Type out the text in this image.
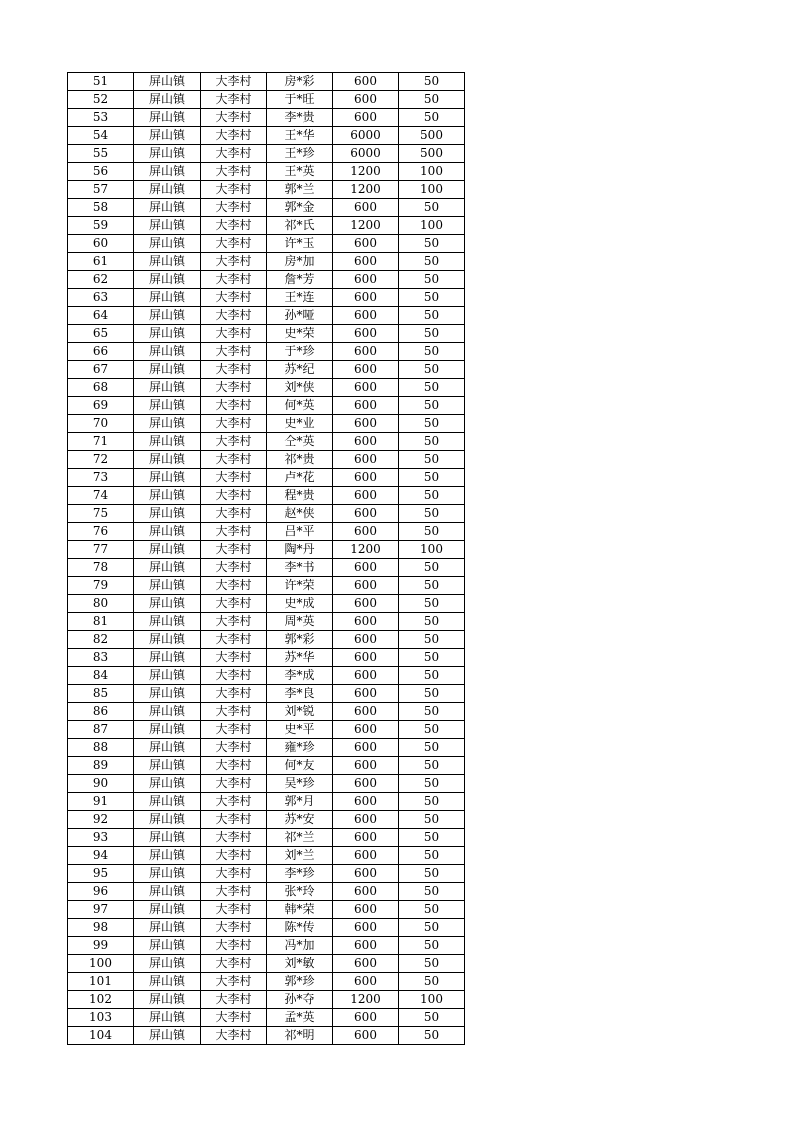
51	屏山镇	大李村	房*彩	600	50
52	屏山镇	大李村	于*旺	600	50
53	屏山镇	大李村	李*贵	600	50
54	屏山镇	大李村	王*华	6000	500
55	屏山镇	大李村	王*珍	6000	500
56	屏山镇	大李村	王*英	1200	100
57	屏山镇	大李村	郭*兰	1200	100
58	屏山镇	大李村	郭*金	600	50
59	屏山镇	大李村	祁*氏	1200	100
60	屏山镇	大李村	许*玉	600	50
61	屏山镇	大李村	房*加	600	50
62	屏山镇	大李村	詹*芳	600	50
63	屏山镇	大李村	王*连	600	50
64	屏山镇	大李村	孙*哑	600	50
65	屏山镇	大李村	史*荣	600	50
66	屏山镇	大李村	于*珍	600	50
67	屏山镇	大李村	苏*纪	600	50
68	屏山镇	大李村	刘*侠	600	50
69	屏山镇	大李村	何*英	600	50
70	屏山镇	大李村	史*业	600	50
71	屏山镇	大李村	仝*英	600	50
72	屏山镇	大李村	祁*贵	600	50
73	屏山镇	大李村	卢*花	600	50
74	屏山镇	大李村	程*贵	600	50
75	屏山镇	大李村	赵*侠	600	50
76	屏山镇	大李村	吕*平	600	50
77	屏山镇	大李村	陶*丹	1200	100
78	屏山镇	大李村	李*书	600	50
79	屏山镇	大李村	许*荣	600	50
80	屏山镇	大李村	史*成	600	50
81	屏山镇	大李村	周*英	600	50
82	屏山镇	大李村	郭*彩	600	50
83	屏山镇	大李村	苏*华	600	50
84	屏山镇	大李村	李*成	600	50
85	屏山镇	大李村	李*良	600	50
86	屏山镇	大李村	刘*锐	600	50
87	屏山镇	大李村	史*平	600	50
88	屏山镇	大李村	雍*珍	600	50
89	屏山镇	大李村	何*友	600	50
90	屏山镇	大李村	吴*珍	600	50
91	屏山镇	大李村	郭*月	600	50
92	屏山镇	大李村	苏*安	600	50
93	屏山镇	大李村	祁*兰	600	50
94	屏山镇	大李村	刘*兰	600	50
95	屏山镇	大李村	李*珍	600	50
96	屏山镇	大李村	张*玲	600	50
97	屏山镇	大李村	韩*荣	600	50
98	屏山镇	大李村	陈*传	600	50
99	屏山镇	大李村	冯*加	600	50
100	屏山镇	大李村	刘*敏	600	50
101	屏山镇	大李村	郭*珍	600	50
102	屏山镇	大李村	孙*夺	1200	100
103	屏山镇	大李村	孟*英	600	50
104	屏山镇	大李村	祁*明	600	50
